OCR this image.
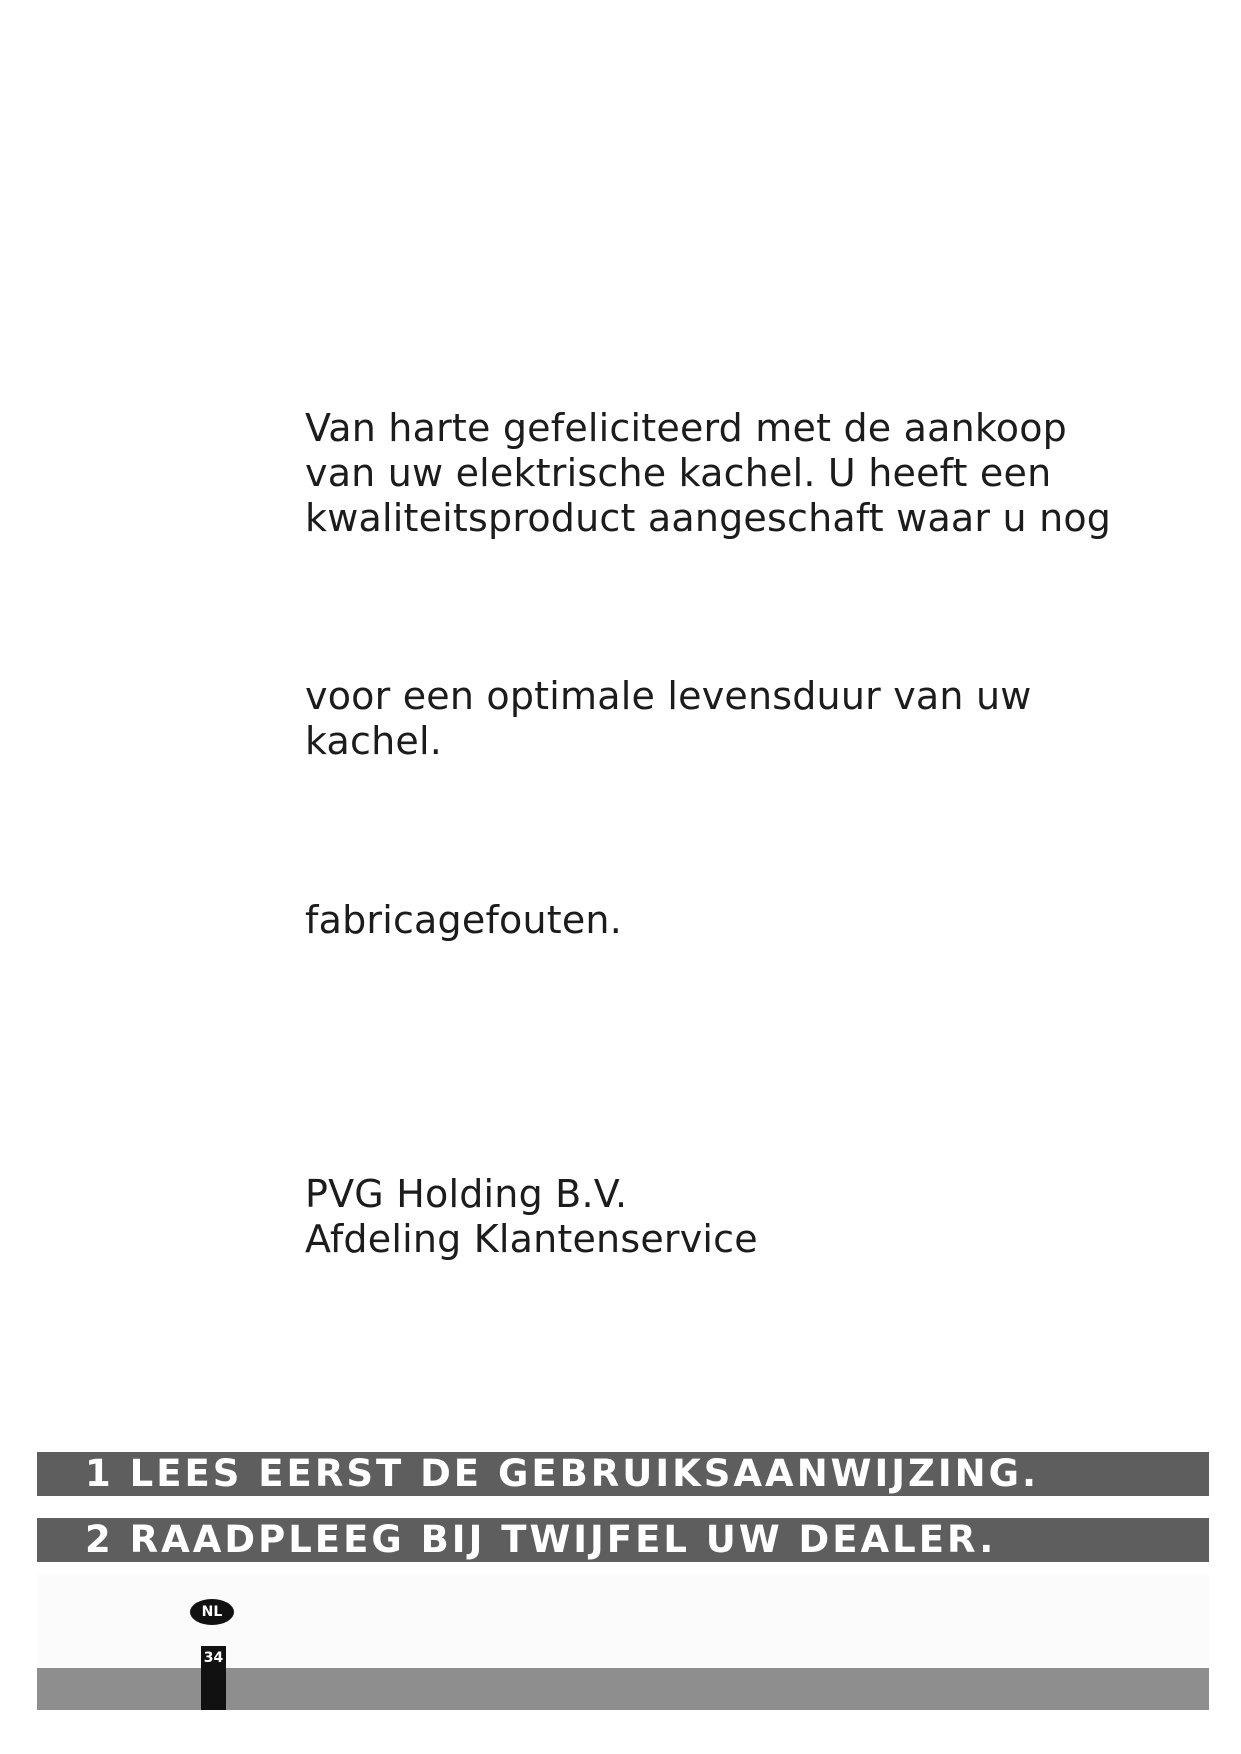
Van harte gefeliciteerd met de aankoop
van uw elektrische kachel. U heeft een
kwaliteitsproduct aangeschaft waar u nog
voor een optimale levensduur van uw
kachel.
fabricagefouten.
PVG Holding B.V.
Afdeling Klantenservice
1 LEES EERST DE GEBRUIKSAANWIJZING.
2 RAADPLEEG BIJ TWIJFEL UW DEALER.
NL
34
